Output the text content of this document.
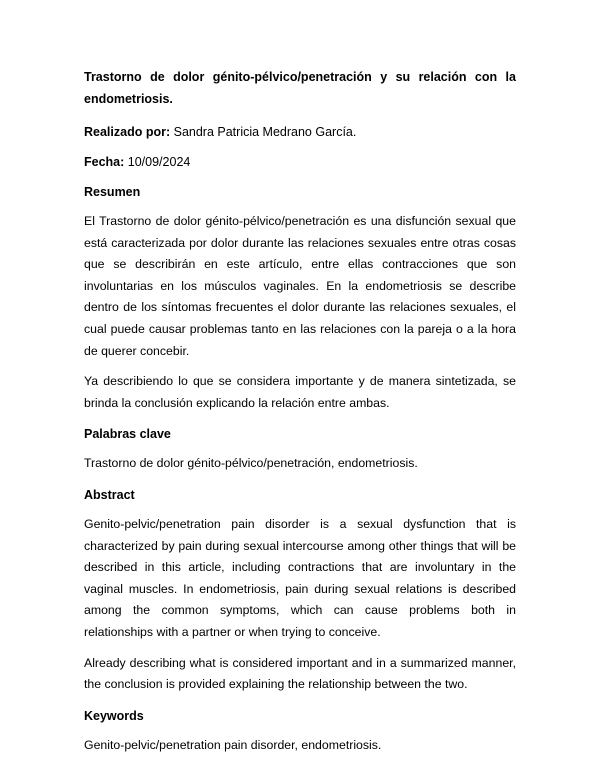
Trastorno de dolor génito-pélvico/penetración y su relación con la endometriosis.

Realizado por: Sandra Patricia Medrano García.

Fecha: 10/09/2024

Resumen

El Trastorno de dolor génito-pélvico/penetración es una disfunción sexual que está caracterizada por dolor durante las relaciones sexuales entre otras cosas que se describirán en este artículo, entre ellas contracciones que son involuntarias en los músculos vaginales. En la endometriosis se describe dentro de los síntomas frecuentes el dolor durante las relaciones sexuales, el cual puede causar problemas tanto en las relaciones con la pareja o a la hora de querer concebir.

Ya describiendo lo que se considera importante y de manera sintetizada, se brinda la conclusión explicando la relación entre ambas.

Palabras clave

Trastorno de dolor génito-pélvico/penetración, endometriosis.

Abstract

Genito-pelvic/penetration pain disorder is a sexual dysfunction that is characterized by pain during sexual intercourse among other things that will be described in this article, including contractions that are involuntary in the vaginal muscles. In endometriosis, pain during sexual relations is described among the common symptoms, which can cause problems both in relationships with a partner or when trying to conceive.

Already describing what is considered important and in a summarized manner, the conclusion is provided explaining the relationship between the two.

Keywords

Genito-pelvic/penetration pain disorder, endometriosis.
